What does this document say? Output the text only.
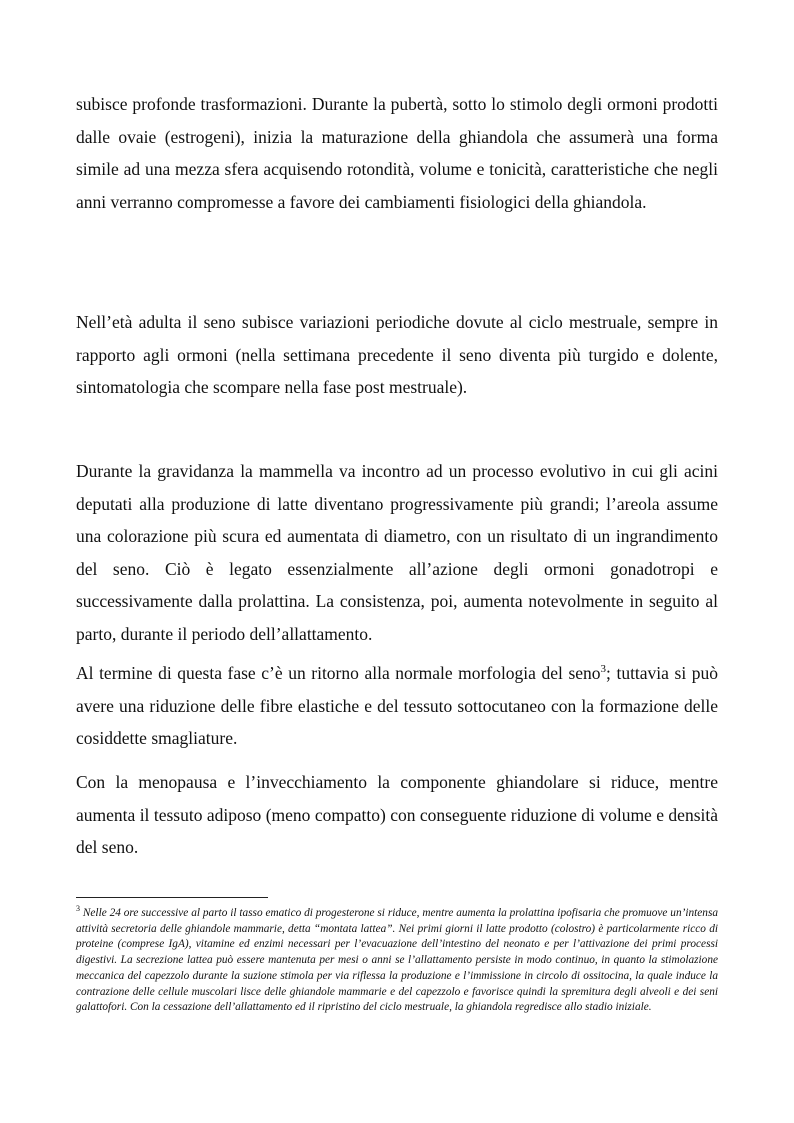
subisce profonde trasformazioni. Durante la pubertà, sotto lo stimolo degli ormoni prodotti dalle ovaie (estrogeni), inizia la maturazione della ghiandola che assumerà una forma simile ad una mezza sfera acquisendo rotondità, volume e tonicità, caratteristiche che negli anni verranno compromesse a favore dei cambiamenti fisiologici della ghiandola.

Nell’età adulta il seno subisce variazioni periodiche dovute al ciclo mestruale, sempre in rapporto agli ormoni (nella settimana precedente il seno diventa più turgido e dolente, sintomatologia che scompare nella fase post mestruale).

Durante la gravidanza la mammella va incontro ad un processo evolutivo in cui gli acini deputati alla produzione di latte diventano progressivamente più grandi; l’areola assume una colorazione più scura ed aumentata di diametro, con un risultato di un ingrandimento del seno. Ciò è legato essenzialmente all’azione degli ormoni gonadotropi e successivamente dalla prolattina. La consistenza, poi, aumenta notevolmente in seguito al parto, durante il periodo dell’allattamento.

Al termine di questa fase c’è un ritorno alla normale morfologia del seno$^3$; tuttavia si può avere una riduzione delle fibre elastiche e del tessuto sottocutaneo con la formazione delle cosiddette smagliature.

Con la menopausa e l’invecchiamento la componente ghiandolare si riduce, mentre aumenta il tessuto adiposo (meno compatto) con conseguente riduzione di volume e densità del seno.

$^3$ Nelle 24 ore successive al parto il tasso ematico di progesterone si riduce, mentre aumenta la prolattina ipofisaria che promuove un’intensa attività secretoria delle ghiandole mammarie, detta “montata lattea”. Nei primi giorni il latte prodotto (colostro) è particolarmente ricco di proteine (comprese IgA), vitamine ed enzimi necessari per l’evacuazione dell’intestino del neonato e per l’attivazione dei primi processi digestivi. La secrezione lattea può essere mantenuta per mesi o anni se l’allattamento persiste in modo continuo, in quanto la stimolazione meccanica del capezzolo durante la suzione stimola per via riflessa la produzione e l’immissione in circolo di ossitocina, la quale induce la contrazione delle cellule muscolari lisce delle ghiandole mammarie e del capezzolo e favorisce quindi la spremitura degli alveoli e dei seni galattofori. Con la cessazione dell’allattamento ed il ripristino del ciclo mestruale, la ghiandola regredisce allo stadio iniziale.
